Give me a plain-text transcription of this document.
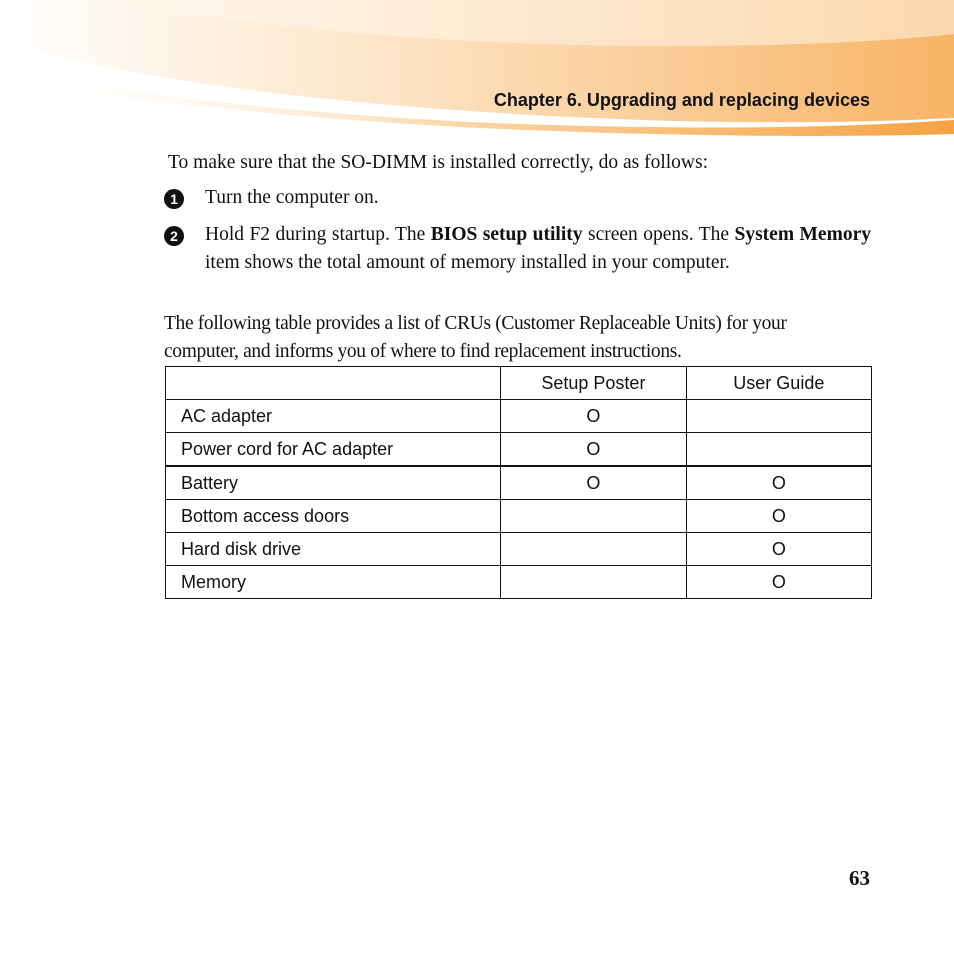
Chapter 6. Upgrading and replacing devices
To make sure that the SO-DIMM is installed correctly, do as follows:
1	Turn the computer on.
2	Hold F2 during startup. The BIOS setup utility screen opens. The System Memory item shows the total amount of memory installed in your computer.
The following table provides a list of CRUs (Customer Replaceable Units) for your computer, and informs you of where to find replacement instructions.
	Setup Poster	User Guide
AC adapter	O	
Power cord for AC adapter	O	
Battery	O	O
Bottom access doors		O
Hard disk drive		O
Memory		O
63
